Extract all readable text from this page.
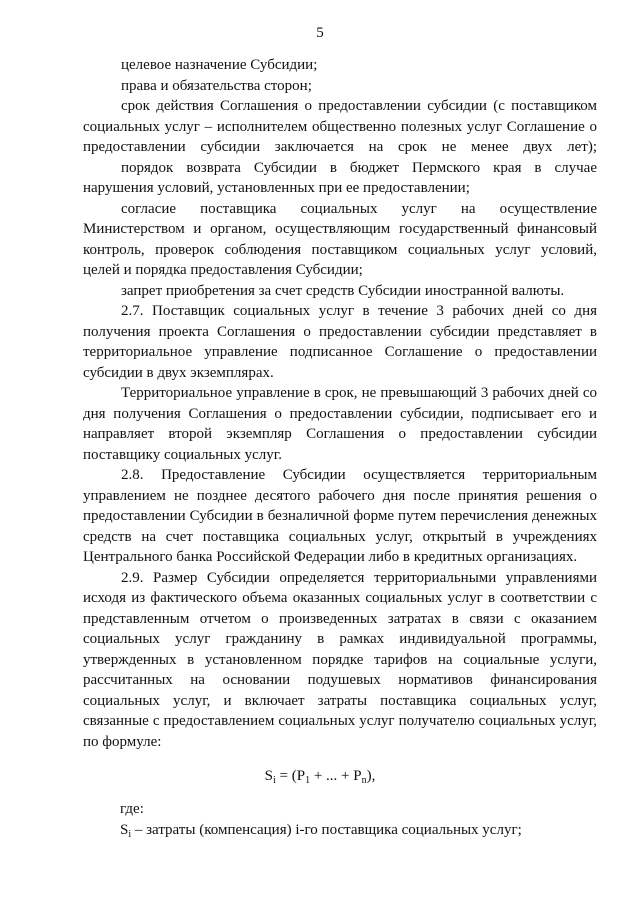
5

целевое назначение Субсидии;

права и обязательства сторон;

срок действия Соглашения о предоставлении субсидии (с поставщиком социальных услуг – исполнителем общественно полезных услуг Соглашение о предоставлении субсидии заключается на срок не менее двух лет);

порядок возврата Субсидии в бюджет Пермского края в случае нарушения условий, установленных при ее предоставлении;

согласие поставщика социальных услуг на осуществление Министерством и органом, осуществляющим государственный финансовый контроль, проверок соблюдения поставщиком социальных услуг условий, целей и порядка предоставления Субсидии;

запрет приобретения за счет средств Субсидии иностранной валюты.

2.7. Поставщик социальных услуг в течение 3 рабочих дней со дня получения проекта Соглашения о предоставлении субсидии представляет в территориальное управление подписанное Соглашение о предоставлении субсидии в двух экземплярах.

Территориальное управление в срок, не превышающий 3 рабочих дней со дня получения Соглашения о предоставлении субсидии, подписывает его и направляет второй экземпляр Соглашения о предоставлении субсидии поставщику социальных услуг.

2.8. Предоставление Субсидии осуществляется территориальным управлением не позднее десятого рабочего дня после принятия решения о предоставлении Субсидии в безналичной форме путем перечисления денежных средств на счет поставщика социальных услуг, открытый в учреждениях Центрального банка Российской Федерации либо в кредитных организациях.

2.9. Размер Субсидии определяется территориальными управлениями исходя из фактического объема оказанных социальных услуг в соответствии с представленным отчетом о произведенных затратах в связи с оказанием социальных услуг гражданину в рамках индивидуальной программы, утвержденных в установленном порядке тарифов на социальные услуги, рассчитанных на основании подушевых нормативов финансирования социальных услуг, и включает затраты поставщика социальных услуг, связанные с предоставлением социальных услуг получателю социальных услуг, по формуле:

$S_i = (P_1$ + ... + $P_n$),
где:
$S_i$ – затраты (компенсация) i-го поставщика социальных услуг;
